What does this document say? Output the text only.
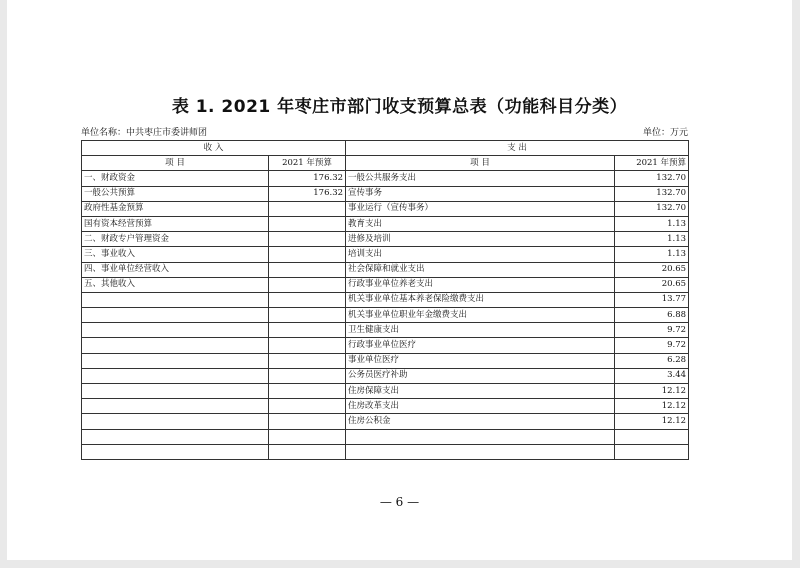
表 1. 2021 年枣庄市部门收支预算总表（功能科目分类）
单位名称：中共枣庄市委讲师团	单位：万元
收 入		支 出	
项 目	2021 年预算	项 目	2021 年预算
一、财政资金	176.32	一般公共服务支出	132.70
一般公共预算	176.32	宣传事务	132.70
政府性基金预算		事业运行（宣传事务）	132.70
国有资本经营预算		教育支出	1.13
二、财政专户管理资金		进修及培训	1.13
三、事业收入		培训支出	1.13
四、事业单位经营收入		社会保障和就业支出	20.65
五、其他收入		行政事业单位养老支出	20.65
		机关事业单位基本养老保险缴费支出	13.77
		机关事业单位职业年金缴费支出	6.88
		卫生健康支出	9.72
		行政事业单位医疗	9.72
		事业单位医疗	6.28
		公务员医疗补助	3.44
		住房保障支出	12.12
		住房改革支出	12.12
		住房公积金	12.12

— 6 —
